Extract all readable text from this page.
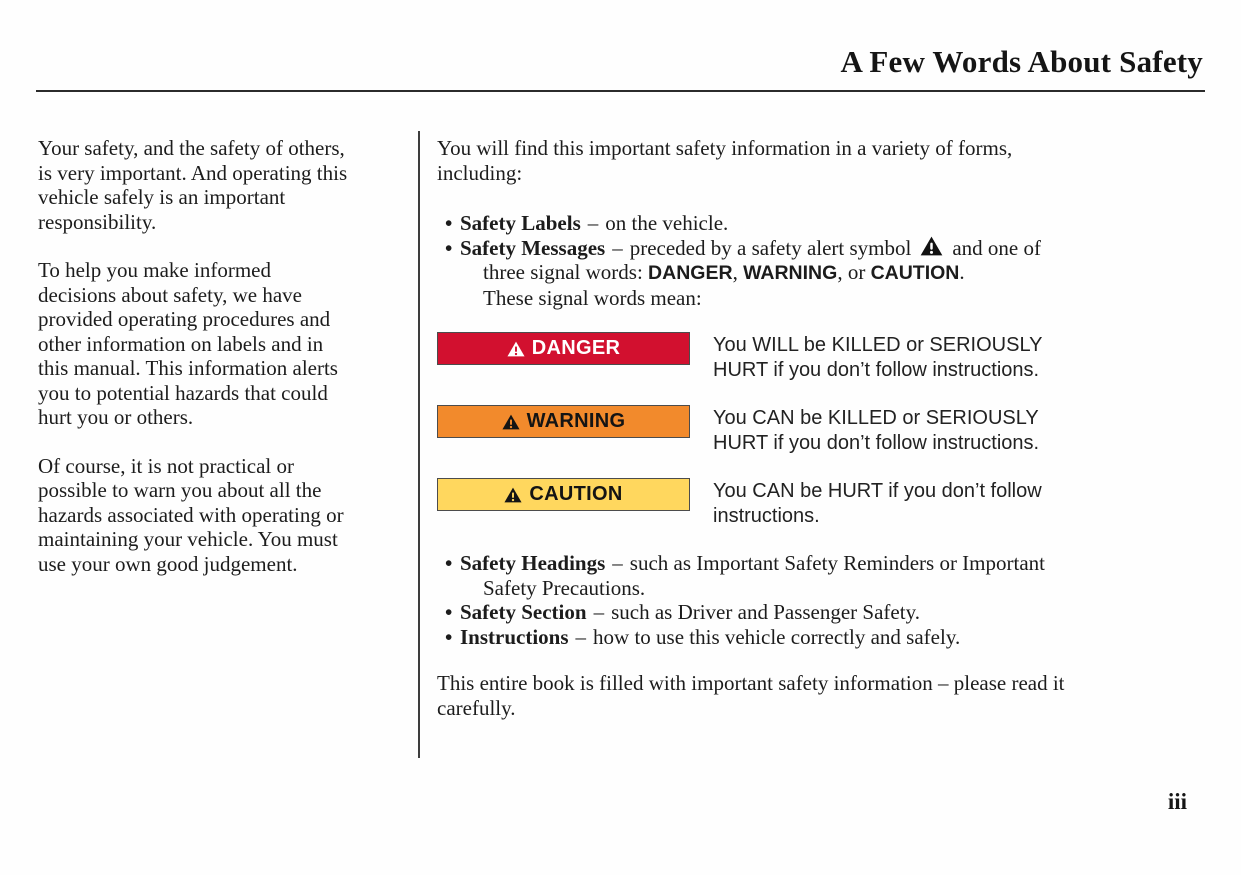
A Few Words About Safety

Your safety, and the safety of others,
is very important. And operating this
vehicle safely is an important
responsibility.

To help you make informed
decisions about safety, we have
provided operating procedures and
other information on labels and in
this manual. This information alerts
you to potential hazards that could
hurt you or others.

Of course, it is not practical or
possible to warn you about all the
hazards associated with operating or
maintaining your vehicle. You must
use your own good judgement.

You will find this important safety information in a variety of forms,
including:

• Safety Labels – on the vehicle.
• Safety Messages – preceded by a safety alert symbol and one of
three signal words: DANGER, WARNING, or CAUTION.
These signal words mean:
DANGER	You WILL be KILLED or SERIOUSLY
HURT if you don’t follow instructions.
WARNING	You CAN be KILLED or SERIOUSLY
HURT if you don’t follow instructions.
CAUTION	You CAN be HURT if you don’t follow
instructions.
• Safety Headings – such as Important Safety Reminders or Important
Safety Precautions.
• Safety Section – such as Driver and Passenger Safety.
• Instructions – how to use this vehicle correctly and safely.

This entire book is filled with important safety information – please read it
carefully.

iii
